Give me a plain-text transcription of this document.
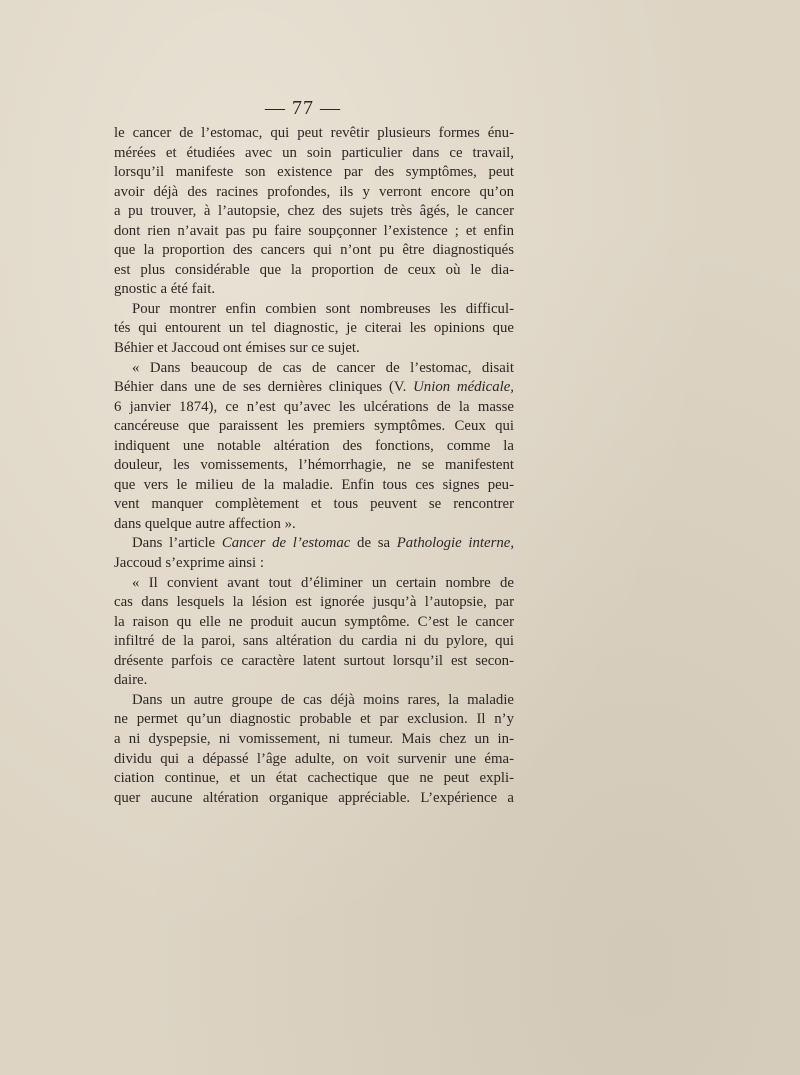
— 77 —
le cancer de l’estomac, qui peut revêtir plusieurs formes énu-
mérées et étudiées avec un soin particulier dans ce travail,
lorsqu’il manifeste son existence par des symptômes, peut
avoir déjà des racines profondes, ils y verront encore qu’on
a pu trouver, à l’autopsie, chez des sujets très âgés, le cancer
dont rien n’avait pas pu faire soupçonner l’existence ; et enfin
que la proportion des cancers qui n’ont pu être diagnostiqués
est plus considérable que la proportion de ceux où le dia-
gnostic a été fait.
Pour montrer enfin combien sont nombreuses les difficul-
tés qui entourent un tel diagnostic, je citerai les opinions que
Béhier et Jaccoud ont émises sur ce sujet.
« Dans beaucoup de cas de cancer de l’estomac, disait
Béhier dans une de ses dernières cliniques (V. Union médicale,
6 janvier 1874), ce n’est qu’avec les ulcérations de la masse
cancéreuse que paraissent les premiers symptômes. Ceux qui
indiquent une notable altération des fonctions, comme la
douleur, les vomissements, l’hémorrhagie, ne se manifestent
que vers le milieu de la maladie. Enfin tous ces signes peu-
vent manquer complètement et tous peuvent se rencontrer
dans quelque autre affection ».
Dans l’article Cancer de l’estomac de sa Pathologie interne,
Jaccoud s’exprime ainsi :
« Il convient avant tout d’éliminer un certain nombre de
cas dans lesquels la lésion est ignorée jusqu’à l’autopsie, par
la raison qu elle ne produit aucun symptôme. C’est le cancer
infiltré de la paroi, sans altération du cardia ni du pylore, qui
drésente parfois ce caractère latent surtout lorsqu’il est secon-
daire.
Dans un autre groupe de cas déjà moins rares, la maladie
ne permet qu’un diagnostic probable et par exclusion. Il n’y
a ni dyspepsie, ni vomissement, ni tumeur. Mais chez un in-
dividu qui a dépassé l’âge adulte, on voit survenir une éma-
ciation continue, et un état cachectique que ne peut expli-
quer aucune altération organique appréciable. L’expérience a
